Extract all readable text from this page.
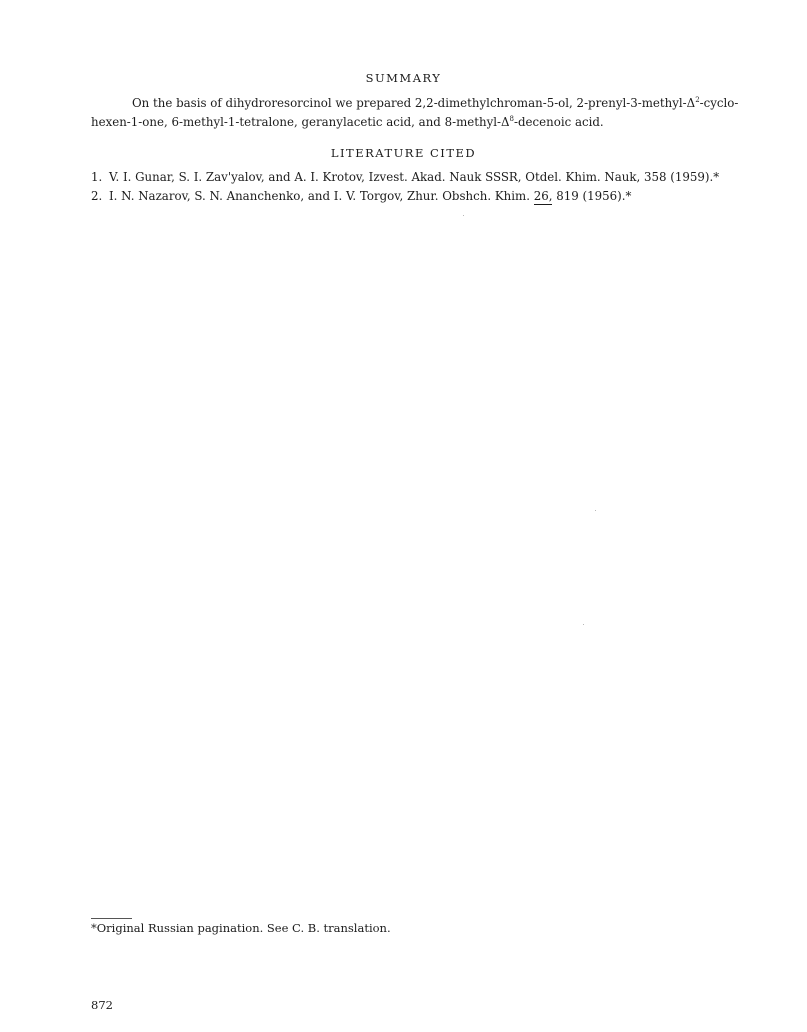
SUMMARY
On the basis of dihydroresorcinol we prepared 2,2-dimethylchroman-5-ol, $2-prenyl-3-methyl-\Delta^2-cyclo-$
hexen-1-one, 6-methyl-1-tetralone, geranylacetic acid, and $8-methyl-\Delta^8$-decenoic acid.
LITERATURE CITED
1. V. I. Gunar, S. I. Zav'yalov, and A. I. Krotov, Izvest. Akad. Nauk SSSR, Otdel. Khim. Nauk, 358 (1959).*
2. I. N. Nazarov, S. N. Ananchenko, and I. V. Torgov, Zhur. Obshch. Khim. 26, 819 (1956).*
*Original Russian pagination. See C. B. translation.
872
